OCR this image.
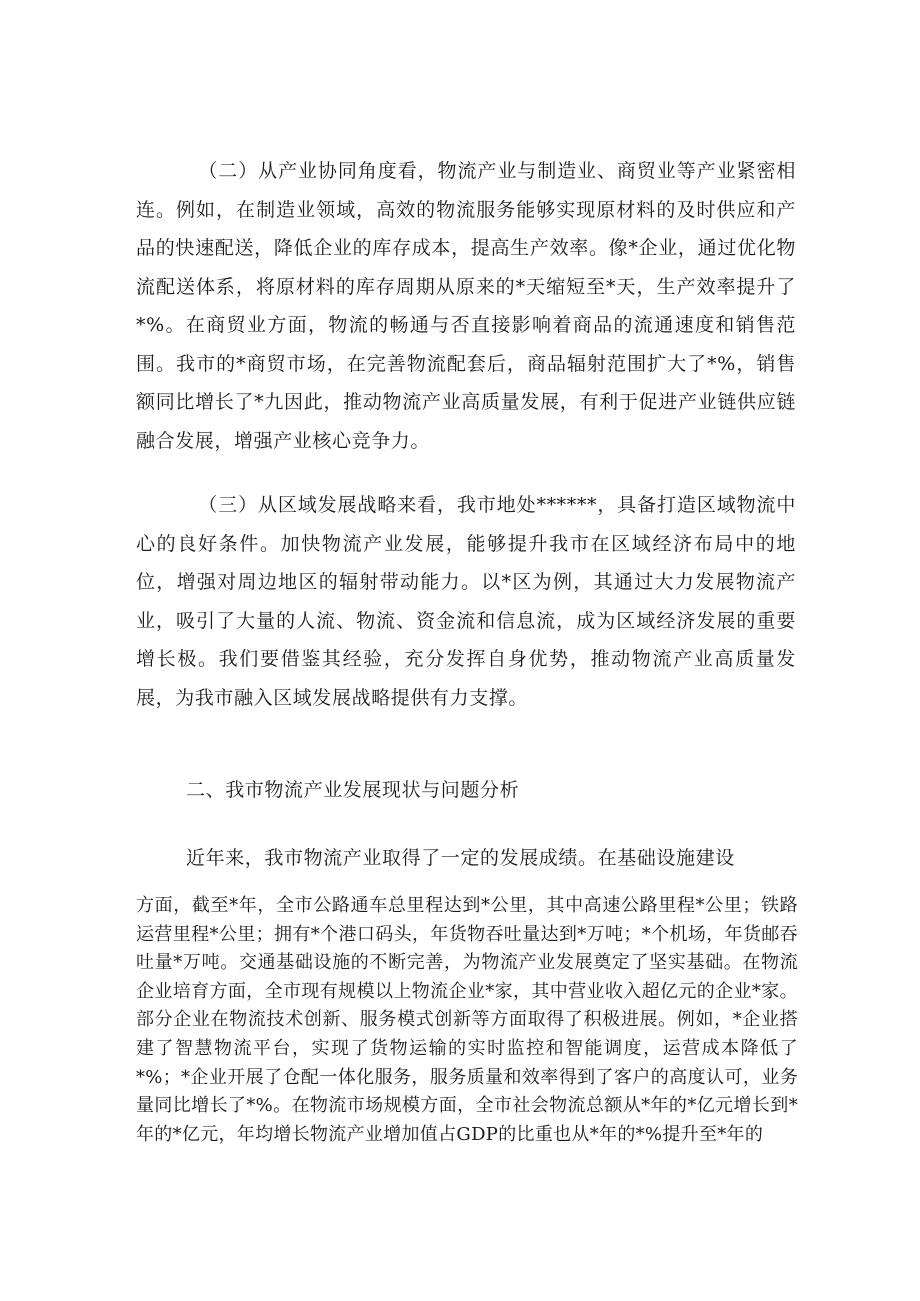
（二）从产业协同角度看，物流产业与制造业、商贸业等产业紧密相连。例如，在制造业领域，高效的物流服务能够实现原材料的及时供应和产品的快速配送，降低企业的库存成本，提高生产效率。像*企业，通过优化物流配送体系，将原材料的库存周期从原来的*天缩短至*天，生产效率提升了*%。在商贸业方面，物流的畅通与否直接影响着商品的流通速度和销售范围。我市的*商贸市场，在完善物流配套后，商品辐射范围扩大了*%，销售额同比增长了*九因此，推动物流产业高质量发展，有利于促进产业链供应链融合发展，增强产业核心竞争力。

（三）从区域发展战略来看，我市地处******，具备打造区域物流中心的良好条件。加快物流产业发展，能够提升我市在区域经济布局中的地位，增强对周边地区的辐射带动能力。以*区为例，其通过大力发展物流产业，吸引了大量的人流、物流、资金流和信息流，成为区域经济发展的重要增长极。我们要借鉴其经验，充分发挥自身优势，推动物流产业高质量发展，为我市融入区域发展战略提供有力支撑。

二、我市物流产业发展现状与问题分析

近年来，我市物流产业取得了一定的发展成绩。在基础设施建设

方面，截至*年，全市公路通车总里程达到*公里，其中高速公路里程*公里；铁路运营里程*公里；拥有*个港口码头，年货物吞吐量达到*万吨；*个机场，年货邮吞吐量*万吨。交通基础设施的不断完善，为物流产业发展奠定了坚实基础。在物流企业培育方面，全市现有规模以上物流企业*家，其中营业收入超亿元的企业*家。部分企业在物流技术创新、服务模式创新等方面取得了积极进展。例如，*企业搭建了智慧物流平台，实现了货物运输的实时监控和智能调度，运营成本降低了*%；*企业开展了仓配一体化服务，服务质量和效率得到了客户的高度认可，业务量同比增长了*%。在物流市场规模方面，全市社会物流总额从*年的*亿元增长到*年的*亿元，年均增长物流产业增加值占GDP的比重也从*年的*%提升至*年的
